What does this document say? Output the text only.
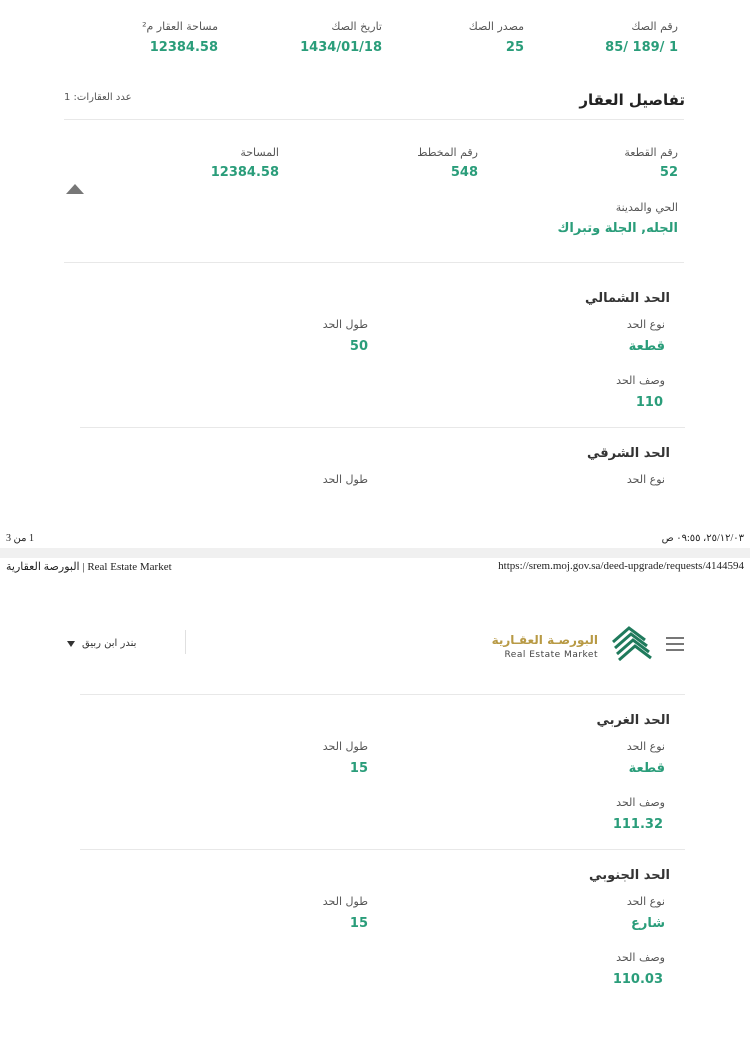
رقم الصك
85/ 189/ 1
مصدر الصك
25
تاريخ الصك
1434/01/18
مساحة العقار م²
12384.58
تفاصيل العقار
عدد العقارات: 1
رقم القطعة
52
رقم المخطط
548
المساحة
12384.58
الحي والمدينة
الجله, الجلة وتبراك
الحد الشمالي
نوع الحد
قطعة
طول الحد
50
وصف الحد
110
الحد الشرقي
نوع الحد
طول الحد
٢٥/١٢/٠٣، ٠٩:٥٥ ص
1 من 3
https://srem.moj.gov.sa/deed-upgrade/requests/4144594
البورصة العقارية | Real Estate Market
البورصـة العقـارية
Real Estate Market
بندر ابن ربيق
الحد الغربي
نوع الحد
قطعة
طول الحد
15
وصف الحد
111.32
الحد الجنوبي
نوع الحد
شارع
طول الحد
15
وصف الحد
110.03
